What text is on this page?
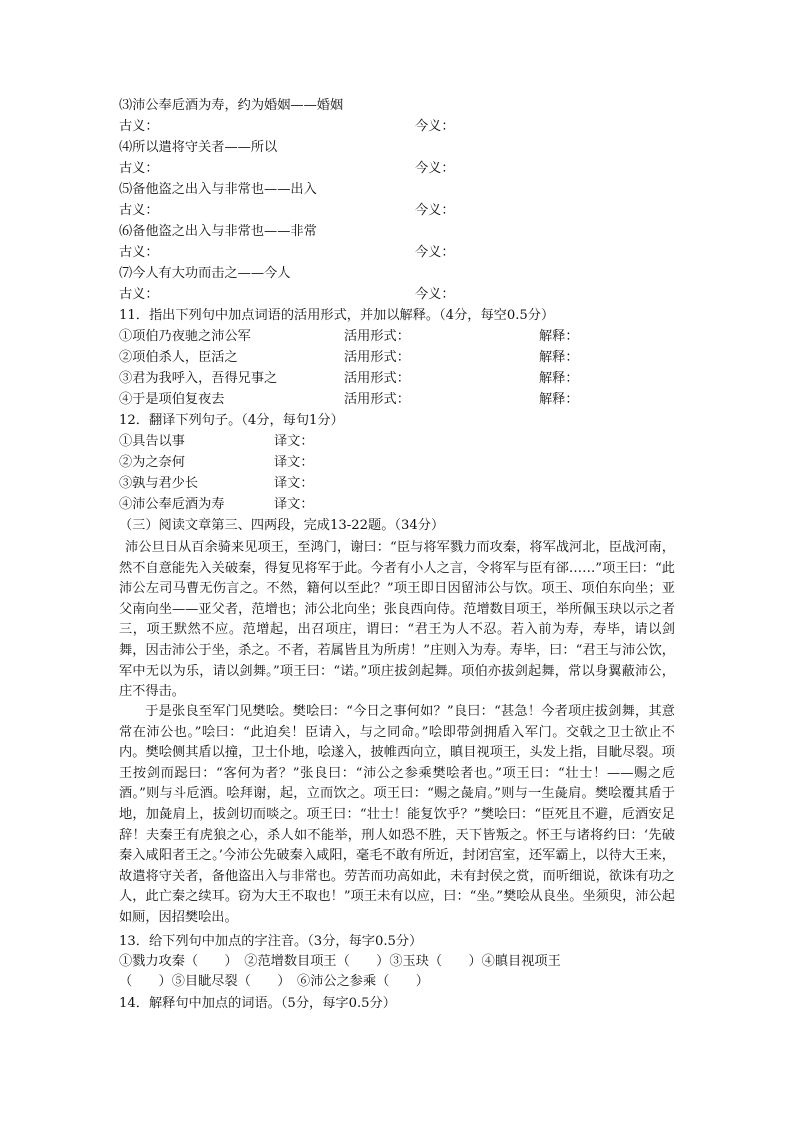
⑶沛公奉卮酒为寿，约为婚姻——婚姻
古义：	今义：
⑷所以遣将守关者——所以
古义：	今义：
⑸备他盗之出入与非常也——出入
古义：	今义：
⑹备他盗之出入与非常也——非常
古义：	今义：
⑺今人有大功而击之——今人
古义：	今义：
11．指出下列句中加点词语的活用形式，并加以解释。（4分，每空0.5分）
①项伯乃夜驰之沛公军	活用形式：	解释：
②项伯杀人，臣活之	活用形式：	解释：
③君为我呼入，吾得兄事之	活用形式：	解释：
④于是项伯复夜去	活用形式：	解释：
12．翻译下列句子。（4分，每句1分）
①具告以事	译文：
②为之奈何	译文：
③孰与君少长	译文：
④沛公奉卮酒为寿	译文：
（三）阅读文章第三、四两段，完成13-22题。（34分）
沛公旦日从百余骑来见项王，至鸿门，谢曰：“臣与将军戮力而攻秦，将军战河北，臣战河南，然不自意能先入关破秦，得复见将军于此。今者有小人之言，令将军与臣有郤……”项王曰：“此沛公左司马曹无伤言之。不然，籍何以至此？”项王即日因留沛公与饮。项王、项伯东向坐；亚父南向坐——亚父者，范增也；沛公北向坐；张良西向侍。范增数目项王，举所佩玉玦以示之者三，项王默然不应。范增起，出召项庄，谓曰：“君王为人不忍。若入前为寿，寿毕，请以剑舞，因击沛公于坐，杀之。不者，若属皆且为所虏！”庄则入为寿。寿毕，曰：“君王与沛公饮，军中无以为乐，请以剑舞。”项王曰：“诺。”项庄拔剑起舞。项伯亦拔剑起舞，常以身翼蔽沛公，庄不得击。
于是张良至军门见樊哙。樊哙曰：“今日之事何如？”良曰：“甚急！今者项庄拔剑舞，其意常在沛公也。”哙曰：“此迫矣！臣请入，与之同命。”哙即带剑拥盾入军门。交戟之卫士欲止不内。樊哙侧其盾以撞，卫士仆地，哙遂入，披帷西向立，瞋目视项王，头发上指，目眦尽裂。项王按剑而跽曰：“客何为者？”张良曰：“沛公之参乘樊哙者也。”项王曰：“壮士！——赐之卮酒。”则与斗卮酒。哙拜谢，起，立而饮之。项王曰：“赐之彘肩。”则与一生彘肩。樊哙覆其盾于地，加彘肩上，拔剑切而啖之。项王曰：“壮士！能复饮乎？”樊哙曰：“臣死且不避，卮酒安足辞！夫秦王有虎狼之心，杀人如不能举，刑人如恐不胜，天下皆叛之。怀王与诸将约曰：‘先破秦入咸阳者王之。’今沛公先破秦入咸阳，毫毛不敢有所近，封闭宫室，还军霸上，以待大王来，故遣将守关者，备他盗出入与非常也。劳苦而功高如此，未有封侯之赏，而听细说，欲诛有功之人，此亡秦之续耳。窃为大王不取也！”项王未有以应，曰：“坐。”樊哙从良坐。坐须臾，沛公起如厕，因招樊哙出。
13．给下列句中加点的字注音。（3分，每字0.5分）
①戮力攻秦（　　）　②范增数目项王（　　）③玉玦（　　）④瞋目视项王
（　　）⑤目眦尽裂（　　）　⑥沛公之参乘（　　）
14．解释句中加点的词语。（5分，每字0.5分）
